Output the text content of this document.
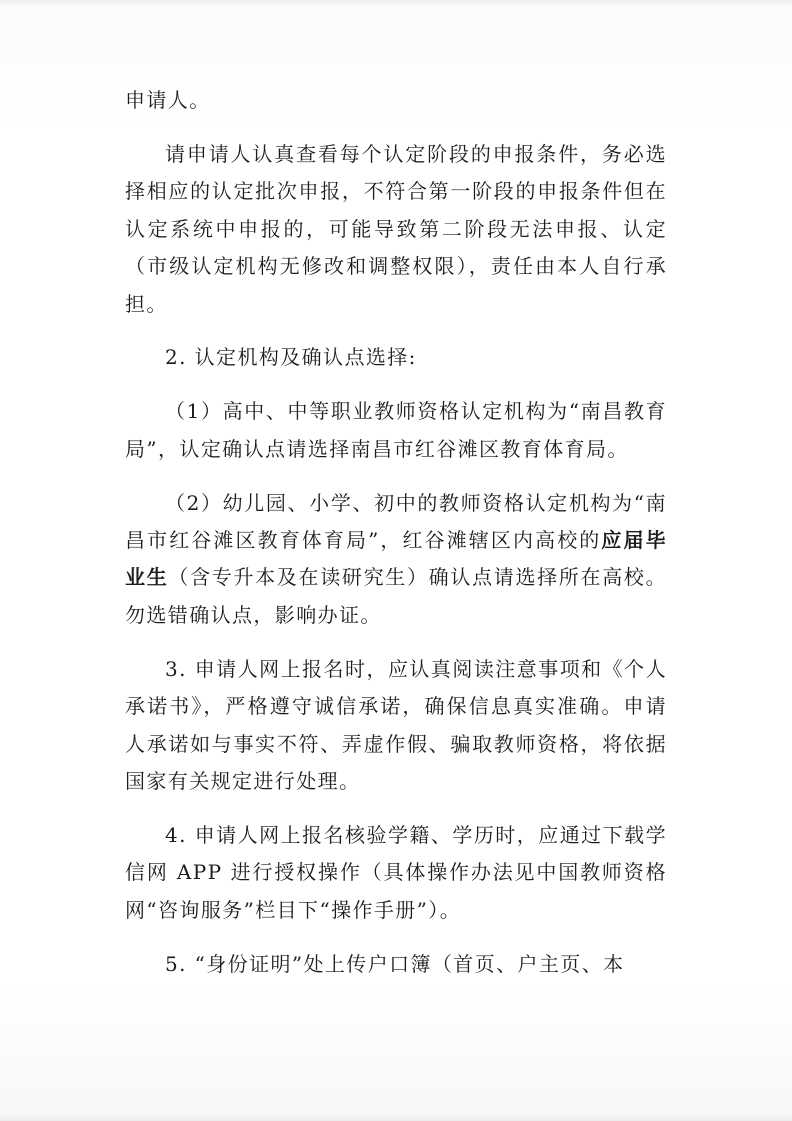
申请人。

请申请人认真查看每个认定阶段的申报条件，务必选择相应的认定批次申报，不符合第一阶段的申报条件但在认定系统中申报的，可能导致第二阶段无法申报、认定（市级认定机构无修改和调整权限），责任由本人自行承担。

2. 认定机构及确认点选择:

（1）高中、中等职业教师资格认定机构为“南昌教育局”，认定确认点请选择南昌市红谷滩区教育体育局。

（2）幼儿园、小学、初中的教师资格认定机构为“南昌市红谷滩区教育体育局”，红谷滩辖区内高校的应届毕业生（含专升本及在读研究生）确认点请选择所在高校。勿选错确认点，影响办证。

3. 申请人网上报名时，应认真阅读注意事项和《个人承诺书》，严格遵守诚信承诺，确保信息真实准确。申请人承诺如与事实不符、弄虚作假、骗取教师资格，将依据国家有关规定进行处理。

4. 申请人网上报名核验学籍、学历时，应通过下载学信网 APP 进行授权操作（具体操作办法见中国教师资格网“咨询服务”栏目下“操作手册”）。

5. “身份证明”处上传户口簿（首页、户主页、本
